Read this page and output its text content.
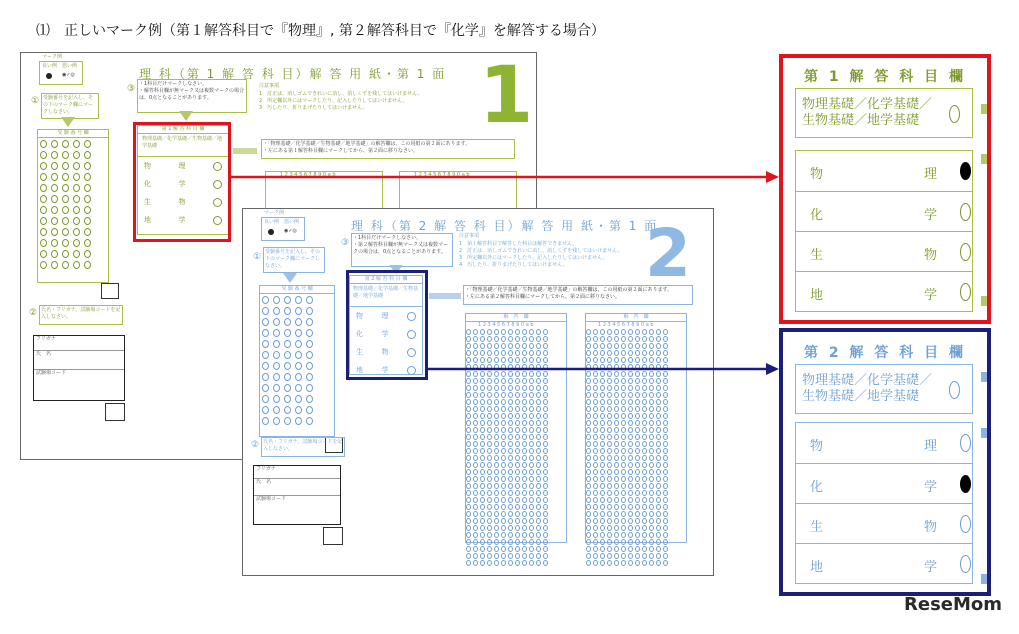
⑴　正しいマーク例（第１解答科目で『物理』, 第２解答科目で『化学』を解答する場合）
マーク例
良い例 悪い例
◉✓◎
① 受験番号を記入し、その下のマーク欄にマークしなさい。
受 験 番 号 欄
③ ・1科目だけマークしなさい。
・解答科目欄が無マーク又は複数マークの場合は、0点となることがあります。
理 科（第 1 解 答 科 目）解 答 用 紙・第 1 面 1
注意事項
1　訂正は、消しゴムできれいに消し、消しくずを残してはいけません。
2　所定欄以外にはマークしたり、記入したりしてはいけません。
3　汚したり、折りまげたりしてはいけません。
第 1 解 答 科 目 欄
物理基礎／化学基礎／生物基礎／地学基礎
物	理
化	学
生	物
地	学
・「物理基礎／化学基礎／生物基礎／地学基礎」の解答欄は、この用紙の第２面にあります。
・左にある第１解答科目欄にマークしてから、第２面に移りなさい。
1 2 3 4 5 6 7 8 9 0 a b	1 2 3 4 5 6 7 8 9 0 a b
② 氏名・フリガナ、試験場コードを記入しなさい。
フリガナ
氏　名
試験場コード
マーク例
良い例 悪い例
◉✓◎
① 受験番号を記入し、その下のマーク欄にマークしなさい。
受 験 番 号 欄
③ ・1科目だけマークしなさい。
・第２解答科目欄が無マーク又は複数マークの場合は、0点となることがあります。
理 科（第 2 解 答 科 目）解 答 用 紙・第 1 面
2
注意事項
1　第１解答科目で解答した科目は解答できません。
2　訂正は、消しゴムできれいに消し、消しくずを残してはいけません。
3　所定欄以外にはマークしたり、記入したりしてはいけません。
4　汚したり、折りまげたりしてはいけません。
第 2 解 答 科 目 欄
物理基礎／化学基礎／生物基礎／地学基礎
物	理
化	学
生	物
地	学
・「物理基礎／化学基礎／生物基礎／地学基礎」の解答欄は、この用紙の第２面にあります。
・左にある第２解答科目欄にマークしてから、第２面に移りなさい。
解　答　欄
1 2 3 4 5 6 7 8 9 0 a b
解　答　欄
1 2 3 4 5 6 7 8 9 0 a b
② 氏名・フリガナ、試験場コードを記入しなさい。
フリガナ
氏　名
試験場コード
第 1 解 答 科 目 欄
物理基礎／化学基礎／
生物基礎／地学基礎
物	理
化	学
生	物
地	学
第 2 解 答 科 目 欄
物理基礎／化学基礎／
生物基礎／地学基礎
物	理
化	学
生	物
地	学
ReseMom
